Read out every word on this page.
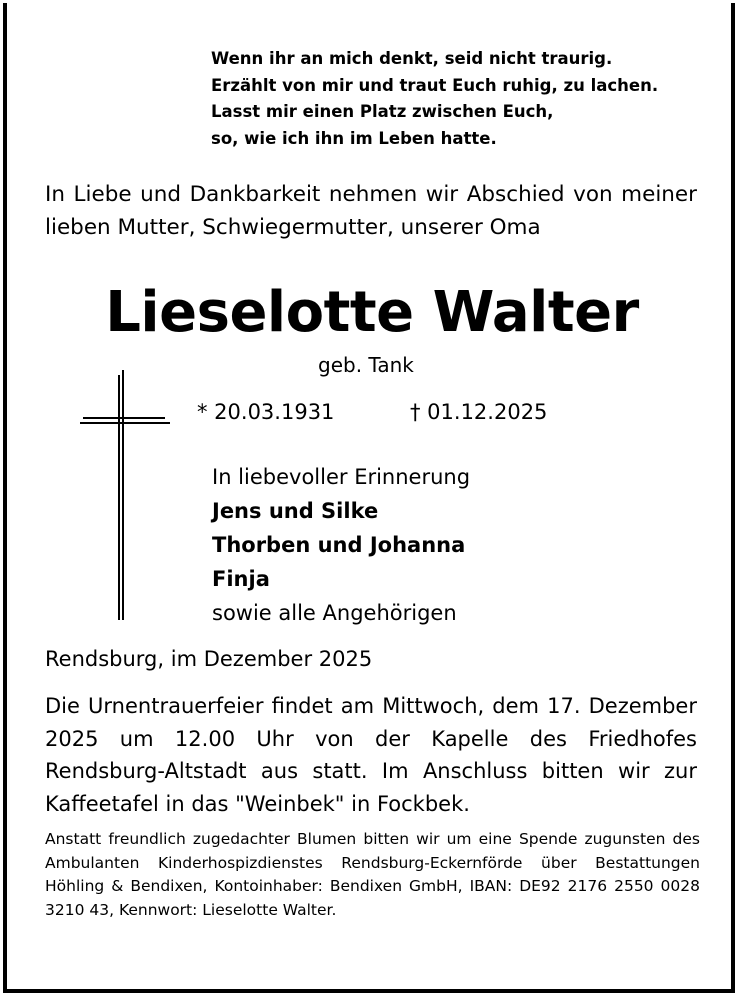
Wenn ihr an mich denkt, seid nicht traurig.
Erzählt von mir und traut Euch ruhig, zu lachen.
Lasst mir einen Platz zwischen Euch,
so, wie ich ihn im Leben hatte.
In Liebe und Dankbarkeit nehmen wir Abschied von meiner lieben Mutter, Schwiegermutter, unserer Oma
Lieselotte Walter
geb. Tank
* 20.03.1931	† 01.12.2025
In liebevoller Erinnerung
Jens und Silke
Thorben und Johanna
Finja
sowie alle Angehörigen
Rendsburg, im Dezember 2025
Die Urnentrauerfeier findet am Mittwoch, dem 17. Dezember 2025 um 12.00 Uhr von der Kapelle des Friedhofes Rendsburg-Altstadt aus statt. Im Anschluss bitten wir zur Kaffeetafel in das "Weinbek" in Fockbek.
Anstatt freundlich zugedachter Blumen bitten wir um eine Spende zugunsten des Ambulanten Kinderhospizdienstes Rendsburg-Eckernförde über Bestattungen Höhling & Bendixen, Kontoinhaber: Bendixen GmbH, IBAN: DE92 2176 2550 0028 3210 43, Kennwort: Lieselotte Walter.
